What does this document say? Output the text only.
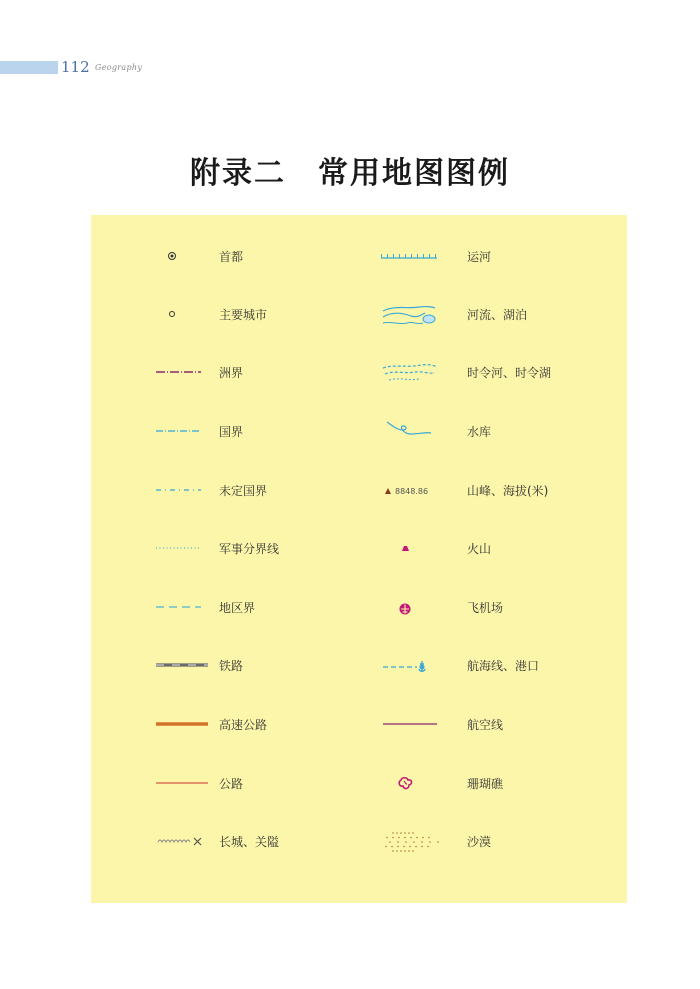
112 Geography
附录二　常用地图图例
首都
主要城市
洲界
国界
未定国界
军事分界线
地区界
铁路
高速公路
公路
长城、关隘
运河
河流、湖泊
时令河、时令湖
水库
8848.86	山峰、海拔(米)
火山
飞机场
航海线、港口
航空线
珊瑚礁
沙漠
